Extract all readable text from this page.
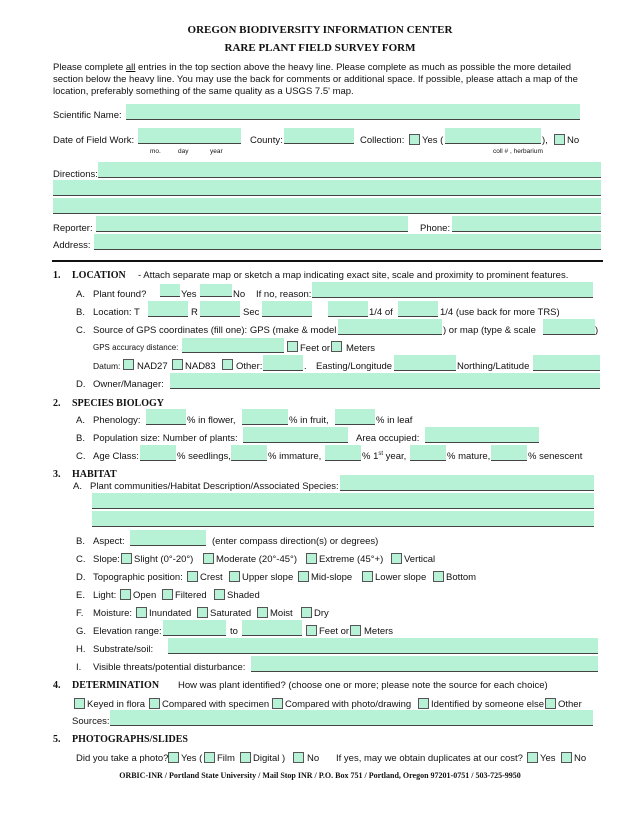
OREGON BIODIVERSITY INFORMATION CENTER
RARE PLANT FIELD SURVEY FORM
Please complete all entries in the top section above the heavy line. Please complete as much as possible the more detailed section below the heavy line. You may use the back for comments or additional space. If possible, please attach a map of the location, preferably something of the same quality as a USGS 7.5' map.
Scientific Name:
Date of Field Work:
mo.	day	year
County:	Collection: Yes (	), No
coll # , herbarium
Directions:
Reporter:	Phone:
Address:
1. LOCATION - Attach separate map or sketch a map indicating exact site, scale and proximity to prominent features.
A. Plant found?	Yes	No If no, reason:
B. Location: T	R	Sec	1/4 of	1/4 (use back for more TRS)
C. Source of GPS coordinates (fill one): GPS (make & model	) or map (type & scale	)
GPS accuracy distance:	Feet or Meters
Datum: NAD27 NAD83 Other:	. Easting/Longitude	Northing/Latitude
D. Owner/Manager:
2. SPECIES BIOLOGY
A. Phenology:	% in flower,	% in fruit,	% in leaf
B. Population size: Number of plants:	Area occupied:
C. Age Class:	% seedlings,	% immature,	% 1st year,	% mature,	% senescent
3. HABITAT
A. Plant communities/Habitat Description/Associated Species:
B. Aspect:	(enter compass direction(s) or degrees)
C. Slope: Slight (0°-20°) Moderate (20°-45°) Extreme (45°+) Vertical
D. Topographic position: Crest Upper slope Mid-slope Lower slope Bottom
E. Light: Open Filtered Shaded
F. Moisture: Inundated Saturated Moist Dry
G. Elevation range:	to	Feet or Meters
H. Substrate/soil:
I. Visible threats/potential disturbance:
4. DETERMINATION How was plant identified? (choose one or more; please note the source for each choice)
Keyed in flora Compared with specimen Compared with photo/drawing Identified by someone else Other
Sources:
5. PHOTOGRAPHS/SLIDES
Did you take a photo? Yes ( Film Digital ) No If yes, may we obtain duplicates at our cost? Yes No
ORBIC-INR / Portland State University / Mail Stop INR / P.O. Box 751 / Portland, Oregon 97201-0751 / 503-725-9950
